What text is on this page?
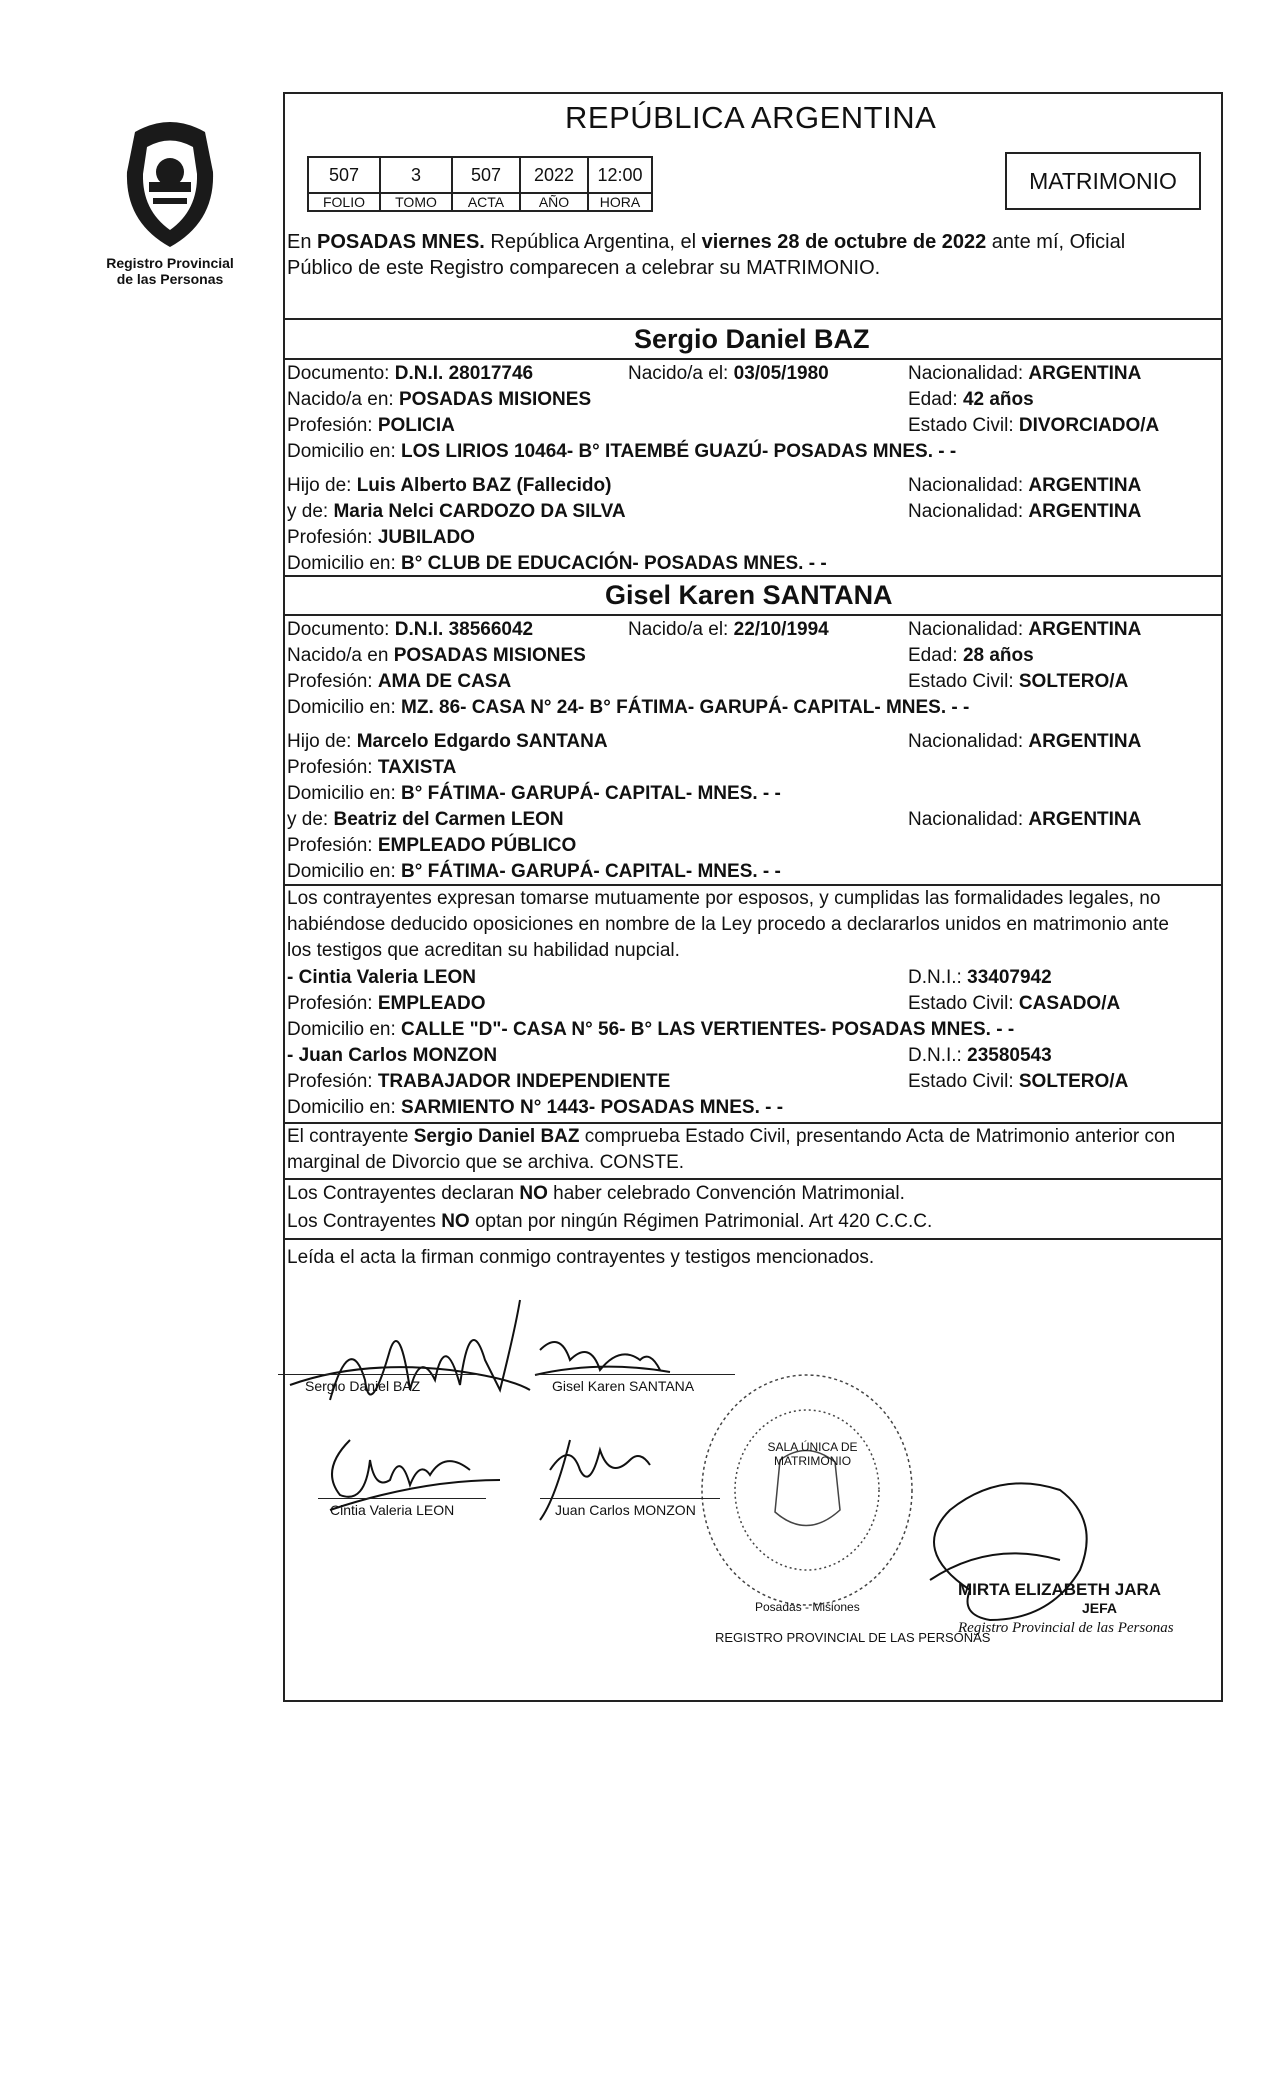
Registro Provincial
de las Personas
REPÚBLICA ARGENTINA
507	3	507	2022	12:00
FOLIO	TOMO	ACTA	AÑO	HORA
MATRIMONIO
En POSADAS MNES. República Argentina, el viernes 28 de octubre de 2022 ante mí, Oficial
Público de este Registro comparecen a celebrar su MATRIMONIO.
Sergio Daniel BAZ
Documento: D.N.I. 28017746	Nacido/a el: 03/05/1980	Nacionalidad: ARGENTINA
Nacido/a en: POSADAS MISIONES	Edad: 42 años
Profesión: POLICIA	Estado Civil: DIVORCIADO/A
Domicilio en: LOS LIRIOS 10464- B° ITAEMBÉ GUAZÚ- POSADAS MNES. - -
Hijo de: Luis Alberto BAZ (Fallecido)	Nacionalidad: ARGENTINA
y de: Maria Nelci CARDOZO DA SILVA	Nacionalidad: ARGENTINA
Profesión: JUBILADO
Domicilio en: B° CLUB DE EDUCACIÓN- POSADAS MNES. - -
Gisel Karen SANTANA
Documento: D.N.I. 38566042	Nacido/a el: 22/10/1994	Nacionalidad: ARGENTINA
Nacido/a en POSADAS MISIONES	Edad: 28 años
Profesión: AMA DE CASA	Estado Civil: SOLTERO/A
Domicilio en: MZ. 86- CASA N° 24- B° FÁTIMA- GARUPÁ- CAPITAL- MNES. - -
Hijo de: Marcelo Edgardo SANTANA	Nacionalidad: ARGENTINA
Profesión: TAXISTA
Domicilio en: B° FÁTIMA- GARUPÁ- CAPITAL- MNES. - -
y de: Beatriz del Carmen LEON	Nacionalidad: ARGENTINA
Profesión: EMPLEADO PÚBLICO
Domicilio en: B° FÁTIMA- GARUPÁ- CAPITAL- MNES. - -
Los contrayentes expresan tomarse mutuamente por esposos, y cumplidas las formalidades legales, no
habiéndose deducido oposiciones en nombre de la Ley procedo a declararlos unidos en matrimonio ante
los testigos que acreditan su habilidad nupcial.
- Cintia Valeria LEON	D.N.I.: 33407942
Profesión: EMPLEADO	Estado Civil: CASADO/A
Domicilio en: CALLE "D"- CASA N° 56- B° LAS VERTIENTES- POSADAS MNES. - -
- Juan Carlos MONZON	D.N.I.: 23580543
Profesión: TRABAJADOR INDEPENDIENTE	Estado Civil: SOLTERO/A
Domicilio en: SARMIENTO N° 1443- POSADAS MNES. - -
El contrayente Sergio Daniel BAZ comprueba Estado Civil, presentando Acta de Matrimonio anterior con
marginal de Divorcio que se archiva. CONSTE.
Los Contrayentes declaran NO haber celebrado Convención Matrimonial.
Los Contrayentes NO optan por ningún Régimen Patrimonial. Art 420 C.C.C.
Leída el acta la firman conmigo contrayentes y testigos mencionados.
Sergio Daniel BAZ	Gisel Karen SANTANA
Cintia Valeria LEON	Juan Carlos MONZON
SALA ÚNICA DE MATRIMONIO
REGISTRO PROVINCIAL DE LAS PERSONAS
Posadas - Misiones
MIRTA ELIZABETH JARA
JEFA
Registro Provincial de las Personas
